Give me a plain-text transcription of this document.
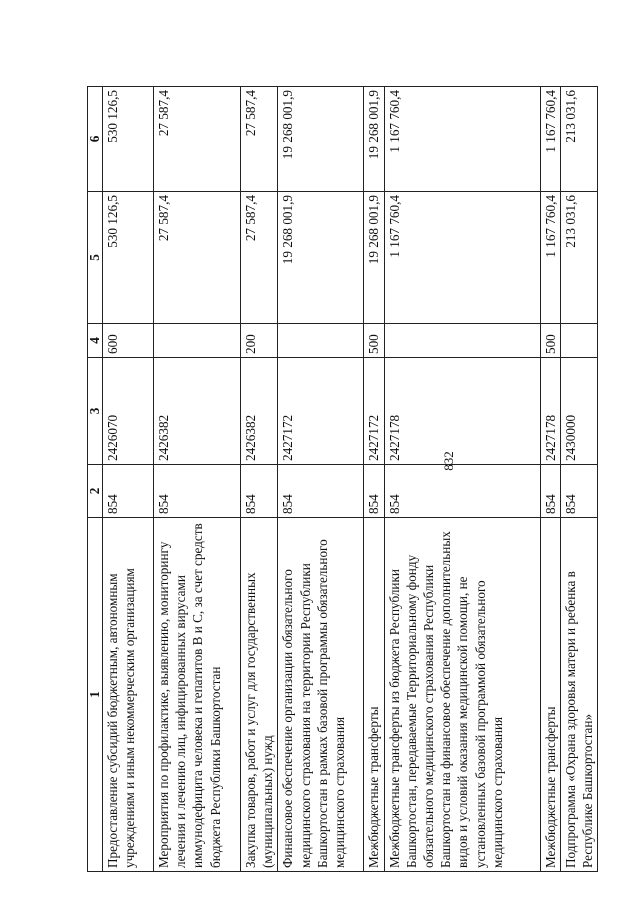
832
1	2	3	4	5	6
Предоставление субсидий бюджетным, автономным учреждениям и иным некоммерческим организациям	854	2426070	600	530 126,5	530 126,5
Мероприятия по профилактике, выявлению, мониторингу лечения и лечению лиц, инфицированных вирусами иммунодефицита человека и гепатитов B и C, за счет средств бюджета Республики Башкортостан	854	2426382		27 587,4	27 587,4
Закупка товаров, работ и услуг для государственных (муниципальных) нужд	854	2426382	200	27 587,4	27 587,4
Финансовое обеспечение организации обязательного медицинского страхования на территории Республики Башкортостан в рамках базовой программы обязательного медицинского страхования	854	2427172		19 268 001,9	19 268 001,9
Межбюджетные трансферты	854	2427172	500	19 268 001,9	19 268 001,9
Межбюджетные трансферты из бюджета Республики Башкортостан, передаваемые Территориальному фонду обязательного медицинского страхования Республики Башкортостан на финансовое обеспечение дополнительных видов и условий оказания медицинской помощи, не установленных базовой программой обязательного медицинского страхования	854	2427178		1 167 760,4	1 167 760,4
Межбюджетные трансферты	854	2427178	500	1 167 760,4	1 167 760,4
Подпрограмма «Охрана здоровья матери и ребенка в Республике Башкортостан»	854	2430000		213 031,6	213 031,6
